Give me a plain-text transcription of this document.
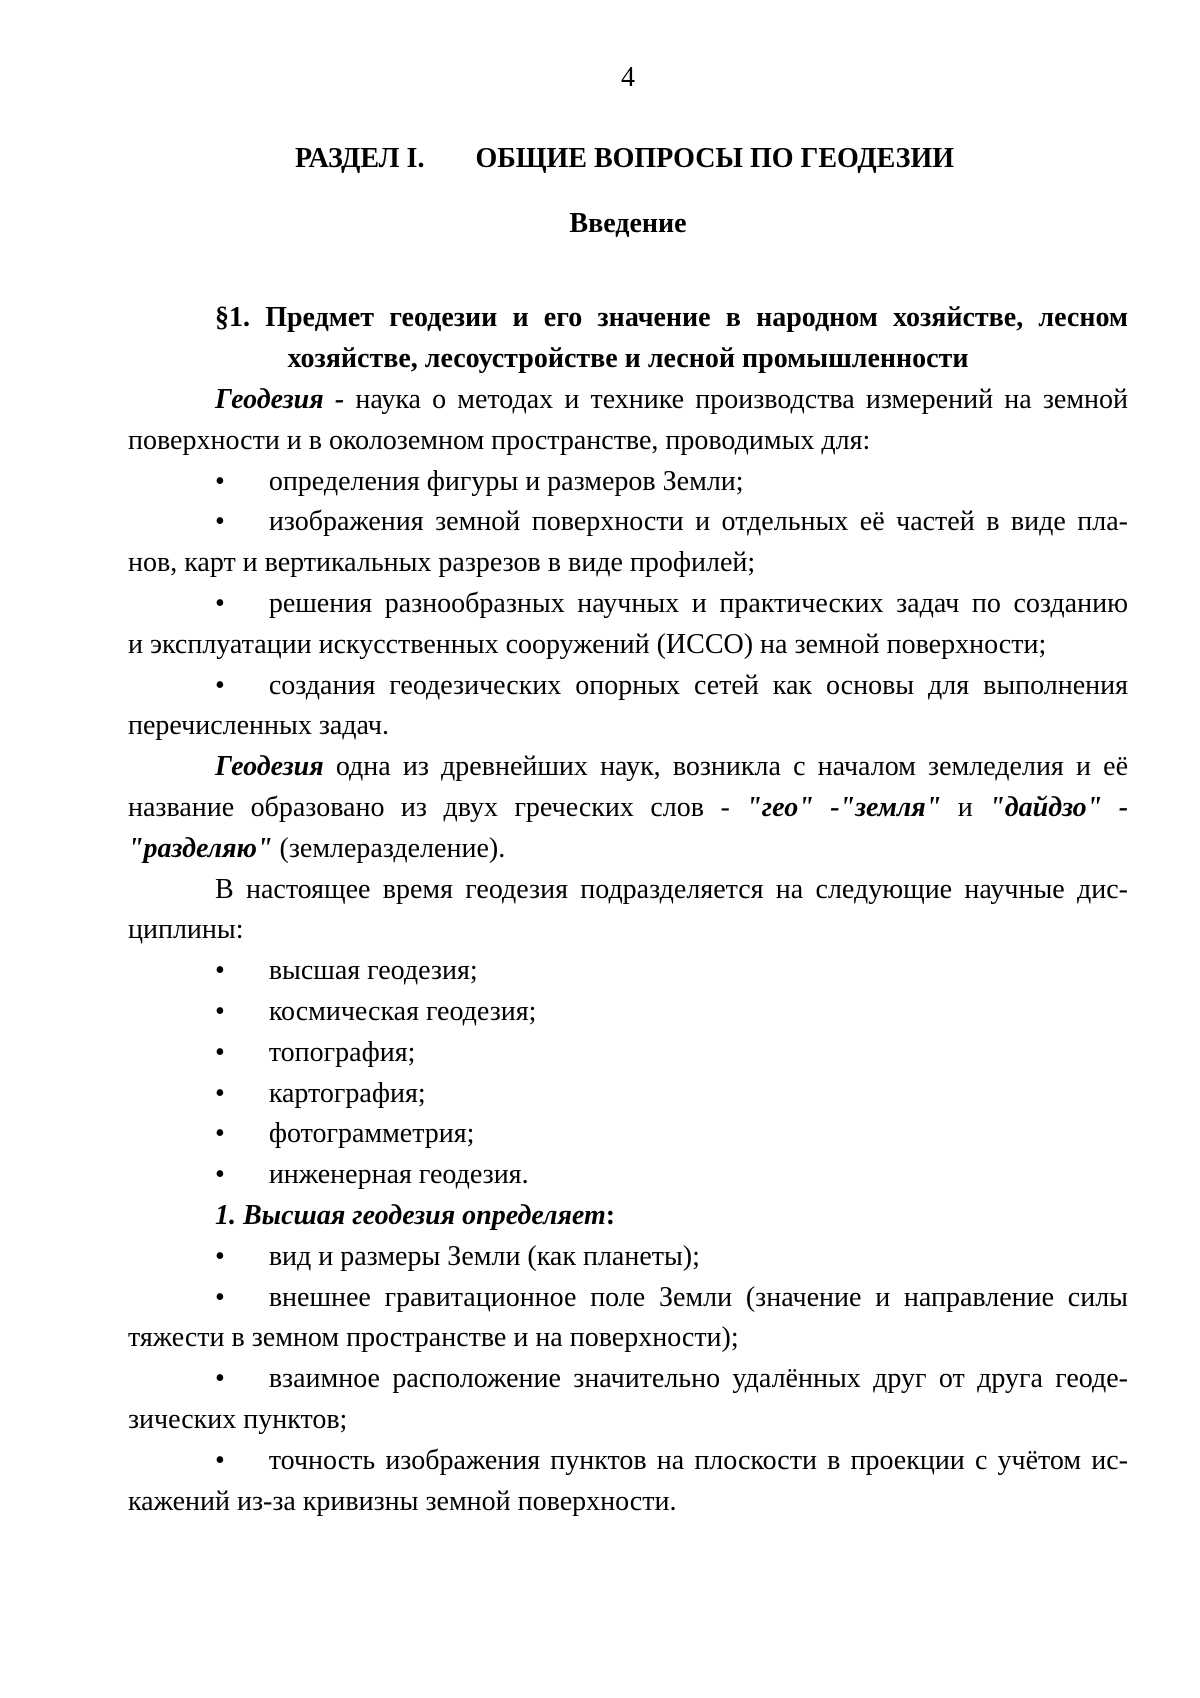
4
РАЗДЕЛ I. ОБЩИЕ ВОПРОСЫ ПО ГЕОДЕЗИИ
Введение
§1. Предмет геодезии и его значение в народном хозяйстве, лесном
хозяйстве, лесоустройстве и лесной промышленности
Геодезия - наука о методах и технике производства измерений на земной
поверхности и в околоземном пространстве, проводимых для:
• определения фигуры и размеров Земли;
• изображения земной поверхности и отдельных её частей в виде пла-
нов, карт и вертикальных разрезов в виде профилей;
• решения разнообразных научных и практических задач по созданию
и эксплуатации искусственных сооружений (ИССО) на земной поверхности;
• создания геодезических опорных сетей как основы для выполнения
перечисленных задач.
Геодезия одна из древнейших наук, возникла с началом земледелия и её
название образовано из двух греческих слов - "гео" -"земля" и "дайдзо" -
"разделяю" (землеразделение).
В настоящее время геодезия подразделяется на следующие научные дис-
циплины:
• высшая геодезия;
• космическая геодезия;
• топография;
• картография;
• фотограмметрия;
• инженерная геодезия.
1. Высшая геодезия определяет:
• вид и размеры Земли (как планеты);
• внешнее гравитационное поле Земли (значение и направление силы
тяжести в земном пространстве и на поверхности);
• взаимное расположение значительно удалённых друг от друга геоде-
зических пунктов;
• точность изображения пунктов на плоскости в проекции с учётом ис-
кажений из-за кривизны земной поверхности.
